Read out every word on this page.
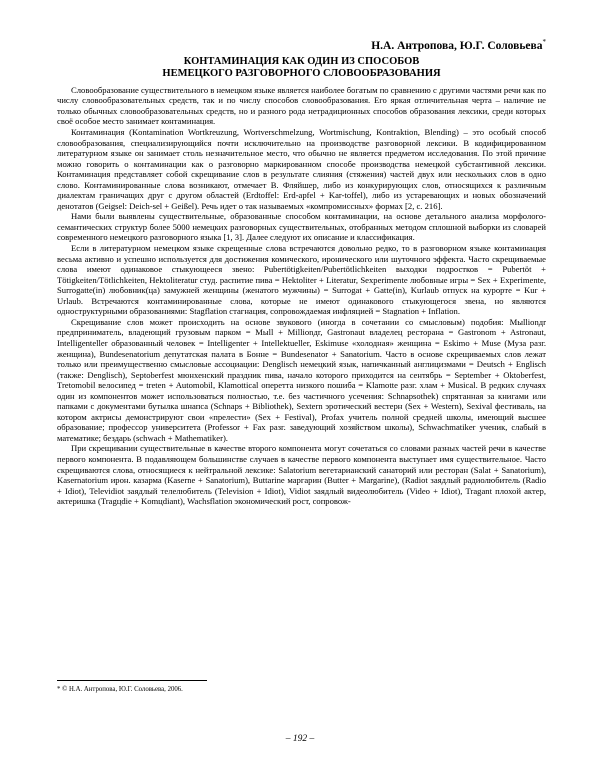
Н.А. Антропова, Ю.Г. Соловьева*
КОНТАМИНАЦИЯ КАК ОДИН ИЗ СПОСОБОВ
НЕМЕЦКОГО РАЗГОВОРНОГО СЛОВООБРАЗОВАНИЯ

Словообразование существительного в немецком языке является наиболее богатым по сравнению с другими частями речи как по числу словообразовательных средств, так и по числу способов словообразования. Его яркая отличительная черта – наличие не только обычных словообразовательных средств, но и разного рода нетрадиционных способов образования лексики, среди которых своё особое место занимает контаминация.

Контаминация (Kontamination Wortkreuzung, Wortverschmelzung, Wortmischung, Kontraktion, Blending) – это особый способ словообразования, специализирующийся почти исключительно на производстве разговорной лексики. В кодифицированном литературном языке он занимает столь незначительное место, что обычно не является предметом исследования. По этой причине можно говорить о контаминации как о разговорно маркированном способе производства немецкой субстантивной лексики. Контаминация представляет собой скрещивание слов в результате слияния (стяжения) частей двух или нескольких слов в одно слово. Контаминированные слова возникают, отмечает В. Фляйшер, либо из конкурирующих слов, относящихся к различным диалектам граничащих друг с другом областей (Erdtoffel: Erd-apfel + Kar-toffel), либо из устаревающих и новых обозначений денотатов (Geigsel: Deich-sel + Geißel). Речь идет о так называемых «компромиссных» формах [2, с. 216].

Нами были выявлены существительные, образованные способом контаминации, на основе детального анализа морфолого-семантических структур более 5000 немецких разговорных существительных, отобранных методом сплошной выборки из словарей современного немецкого разговорного языка [1, 3]. Далее следуют их описание и классификация.

Если в литературном немецком языке скрещенные слова встречаются довольно редко, то в разговорном языке контаминация весьма активно и успешно используется для достижения комического, иронического или шуточного эффекта. Часто скрещиваемые слова имеют одинаковое стыкующееся звено: Pubertötigkeiten/Pubertötlichkeiten выходки подростков = Pubertöt + Tötigkeiten/Tötlichkeiten, Hektoliteratur студ. распитие пива = Hektoliter + Literatur, Sexperimente любовные игры = Sex + Experimente, Surrogatte(in) любовник(ца) замужней женщины (женатого мужчины) = Surrogat + Gatte(in), Kurlaub отпуск на курорте = Kur + Urlaub. Встречаются контаминированные слова, которые не имеют одинакового стыкующегося звена, но являются одноструктурными образованиями: Stagflation стагнация, сопровождаемая инфляцией = Stagnation + Inflation.

Скрещивание слов может происходить на основе звукового (иногда в сочетании со смысловым) подобия: Mыllionдr предприниматель, владеющий грузовым парком = Mыll + Millionдr, Gastronaut владелец ресторана = Gastronom + Astronaut, Intelligenteller образованный человек = Intelligenter + Intellektueller, Eskimuse «холодная» женщина = Eskimo + Muse (Муза разг. женщина), Bundesenatorium депутатская палата в Бонне = Bundesenator + Sanatorium. Часто в основе скрещиваемых слов лежат только или преимущественно смысловые ассоциации: Denglisch немецкий язык, напичканный англицизмами = Deutsch + Englisch (также: Denglisch), Septoberfest мюнхенский праздник пива, начало которого приходится на сентябрь = September + Oktoberfest, Tretomobil велосипед = treten + Automobil, Klamottical оперетта низкого пошиба = Klamotte разг. хлам + Musical. В редких случаях один из компонентов может использоваться полностью, т.е. без частичного усечения: Schnapsothek) спрятанная за книгами или папками с документами бутылка шнапса (Schnaps + Bibliothek), Sextern эротический вестерн (Sex + Western), Sexival фестиваль, на котором актрисы демонстрируют свои «прелести» (Sex + Festival), Profax учитель полной средней школы, имеющий высшее образование; профессор университета (Professor + Fax разг. заведующий хозяйством школы), Schwachmatiker ученик, слабый в математике; бездарь (schwach + Mathematiker).

При скрещивании существительные в качестве второго компонента могут сочетаться со словами разных частей речи в качестве первого компонента. В подавляющем большинстве случаев в качестве первого компонента выступает имя существительное. Часто скрещиваются слова, относящиеся к нейтральной лексике: Salatorium вегетарианский санаторий или ресторан (Salat + Sanatorium), Kasernatorium ирон. казарма (Kaserne + Sanatorium), Buttarine маргарин (Butter + Margarine), (Radiot заядлый радиолюбитель (Radio + Idiot), Televidiot заядлый телелюбитель (Television + Idiot), Vidiot заядлый видеолюбитель (Video + Idiot), Tragant плохой актер, актеришка (Tragцdie + Komцdiant), Wachsflation экономический рост, сопровож-

* © Н.А. Антропова, Ю.Г. Соловьева, 2006.
– 192 –
